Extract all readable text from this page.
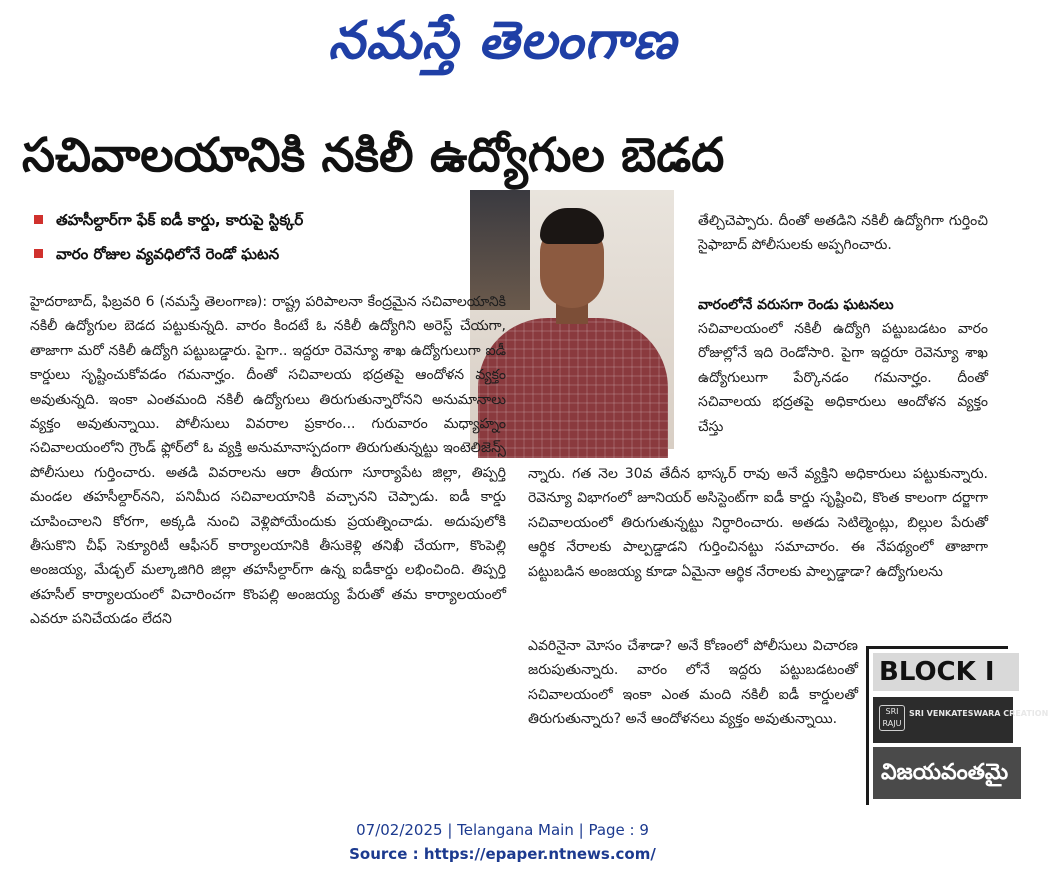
నమస్తే తెలంగాణ
సచివాలయానికి నకిలీ ఉద్యోగుల బెడద
తహసీల్దార్‌గా ఫేక్‌ ఐడీ కార్డు, కారుపై స్టిక్కర్‌
వారం రోజుల వ్యవధిలోనే రెండో ఘటన
హైదరాబాద్‌, ఫిబ్రవరి 6 (నమస్తే తెలంగాణ): రాష్ట్ర పరిపాలనా కేంద్రమైన సచివాలయానికి నకిలీ ఉద్యోగుల బెడద పట్టుకున్నది. వారం కిందటే ఓ నకిలీ ఉద్యోగిని అరెస్ట్‌ చేయగా, తాజాగా మరో నకిలీ ఉద్యోగి పట్టుబడ్డారు. పైగా.. ఇద్దరూ రెవెన్యూ శాఖ ఉద్యోగులుగా ఐడీ కార్డులు సృష్టించుకోవడం గమనార్హం. దీంతో సచివాలయ భద్రతపై ఆందోళన వ్యక్తం అవుతున్నది. ఇంకా ఎంతమంది నకిలీ ఉద్యోగులు తిరుగుతున్నారోనని అనుమానాలు వ్యక్తం అవుతున్నాయి. పోలీసులు వివరాల ప్రకారం... గురువారం మధ్యాహ్నం సచివాలయంలోని గ్రౌండ్‌ ఫ్లోర్‌లో ఓ వ్యక్తి అనుమానాస్పదంగా తిరుగుతున్నట్టు ఇంటెలిజెన్స్‌ పోలీసులు గుర్తించారు. అతడి వివరాలను ఆరా తీయగా సూర్యాపేట జిల్లా, తిప్పర్తి మండల తహసీల్దార్‌నని, పనిమీద సచివాలయానికి వచ్చానని చెప్పాడు. ఐడీ కార్డు చూపించాలని కోరగా, అక్కడి నుంచి వెళ్లిపోయేందుకు ప్రయత్నించాడు. అదుపులోకి తీసుకొని చీఫ్‌ సెక్యూరిటీ ఆఫీసర్‌ కార్యాలయానికి తీసుకెళ్లి తనిఖీ చేయగా, కొంపెల్లి అంజయ్య, మేడ్చల్‌ మల్కాజిగిరి జిల్లా తహసీల్దార్‌గా ఉన్న ఐడీకార్డు లభించింది. తిప్పర్తి తహసీల్‌ కార్యాలయంలో విచారించగా కొంపల్లి అంజయ్య పేరుతో తమ కార్యాలయంలో ఎవరూ పనిచేయడం లేదని
తేల్చిచెప్పారు. దీంతో అతడిని నకిలీ ఉద్యోగిగా గుర్తించి సైఫాబాద్‌ పోలీసులకు అప్పగించారు.
వారంలోనే వరుసగా రెండు ఘటనలు
సచివాలయంలో నకిలీ ఉద్యోగి పట్టుబడటం వారం రోజుల్లోనే ఇది రెండోసారి. పైగా ఇద్దరూ రెవెన్యూ శాఖ ఉద్యోగులుగా పేర్కొనడం గమనార్హం. దీంతో సచివాలయ భద్రతపై అధికారులు ఆందోళన వ్యక్తం చేస్తు
న్నారు. గత నెల 30వ తేదీన భాస్కర్‌ రావు అనే వ్యక్తిని అధికారులు పట్టుకున్నారు. రెవెన్యూ విభాగంలో జూనియర్‌ అసిస్టెంట్‌గా ఐడీ కార్డు సృష్టించి, కొంత కాలంగా దర్జాగా సచివాలయంలో తిరుగుతున్నట్టు నిర్ధారించారు. అతడు సెటిల్మెంట్లు, బిల్లుల పేరుతో ఆర్థిక నేరాలకు పాల్పడ్డాడని గుర్తించినట్టు సమాచారం. ఈ నేపథ్యంలో తాజాగా పట్టుబడిన అంజయ్య కూడా ఏమైనా ఆర్థిక నేరాలకు పాల్పడ్డాడా? ఉద్యోగులను
ఎవరినైనా మోసం చేశాడా? అనే కోణంలో పోలీసులు విచారణ జరుపుతున్నారు. వారం లోనే ఇద్దరు పట్టుబడటంతో సచివాలయంలో ఇంకా ఎంత మంది నకిలీ ఐడీ కార్డులతో తిరుగుతున్నారు? అనే ఆందోళనలు వ్యక్తం అవుతున్నాయి.
BLOCK I
SRI RAJU
SRI VENKATESWARA CREATION
విజయవంతమై
07/02/2025 | Telangana Main | Page : 9
Source : https://epaper.ntnews.com/
